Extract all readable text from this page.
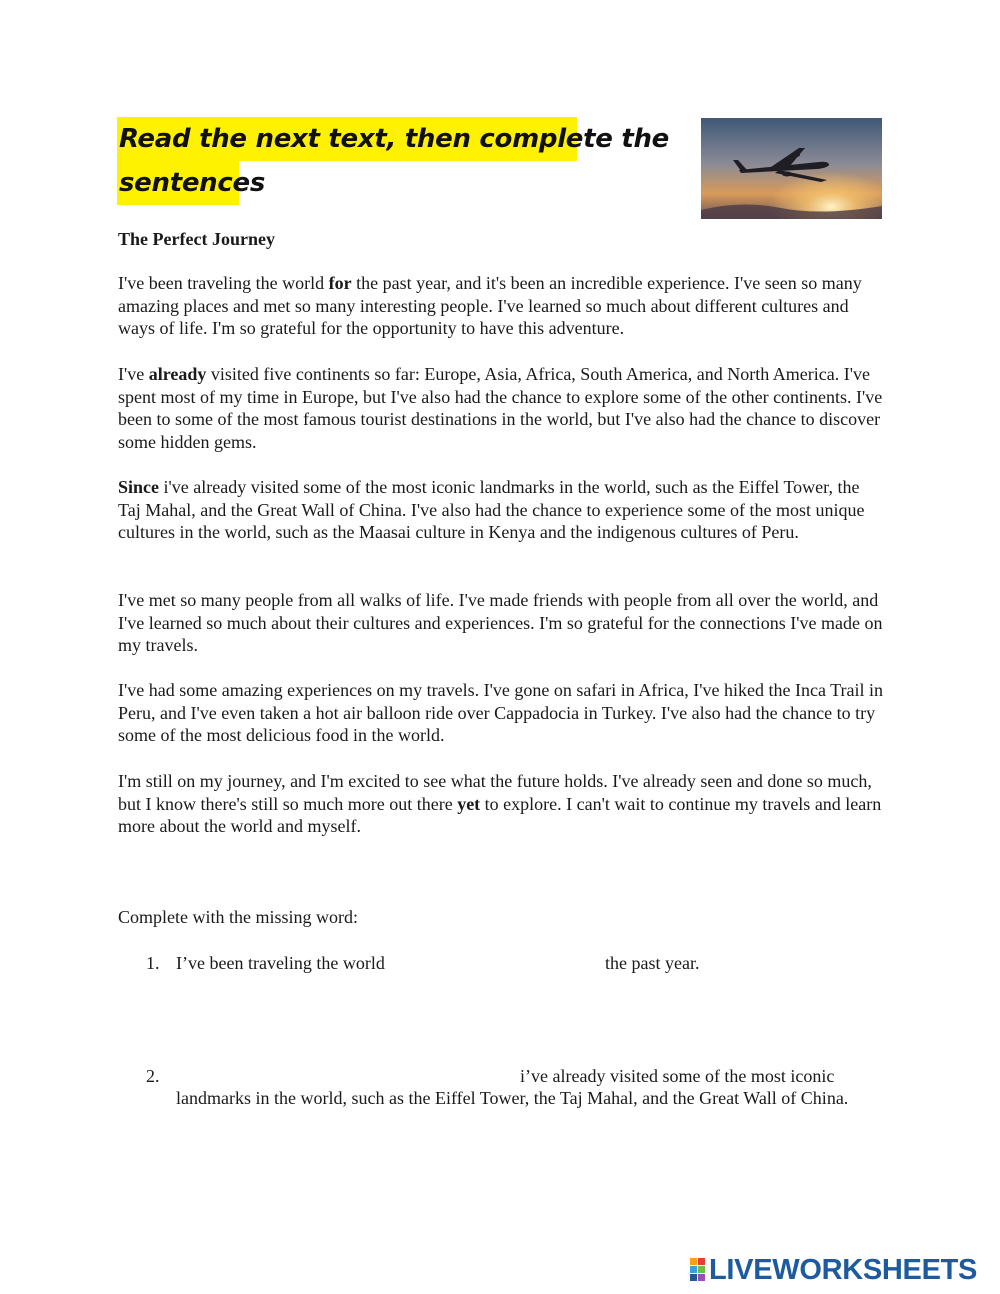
Read the next text, then complete the
sentences
The Perfect Journey

I've been traveling the world for the past year, and it's been an incredible experience. I've seen so many amazing places and met so many interesting people. I've learned so much about different cultures and ways of life. I'm so grateful for the opportunity to have this adventure.

I've already visited five continents so far: Europe, Asia, Africa, South America, and North America. I've spent most of my time in Europe, but I've also had the chance to explore some of the other continents. I've been to some of the most famous tourist destinations in the world, but I've also had the chance to discover some hidden gems.

Since i've already visited some of the most iconic landmarks in the world, such as the Eiffel Tower, the Taj Mahal, and the Great Wall of China. I've also had the chance to experience some of the most unique cultures in the world, such as the Maasai culture in Kenya and the indigenous cultures of Peru.

I've met so many people from all walks of life. I've made friends with people from all over the world, and I've learned so much about their cultures and experiences. I'm so grateful for the connections I've made on my travels.

I've had some amazing experiences on my travels. I've gone on safari in Africa, I've hiked the Inca Trail in Peru, and I've even taken a hot air balloon ride over Cappadocia in Turkey. I've also had the chance to try some of the most delicious food in the world.

I'm still on my journey, and I'm excited to see what the future holds. I've already seen and done so much, but I know there's still so much more out there yet to explore. I can't wait to continue my travels and learn more about the world and myself.

Complete with the missing word:
1. I’ve been traveling the world	the past year.
2.	i’ve already visited some of the most iconic
landmarks in the world, such as the Eiffel Tower, the Taj Mahal, and the Great Wall of China.
LIVEWORKSHEETS
